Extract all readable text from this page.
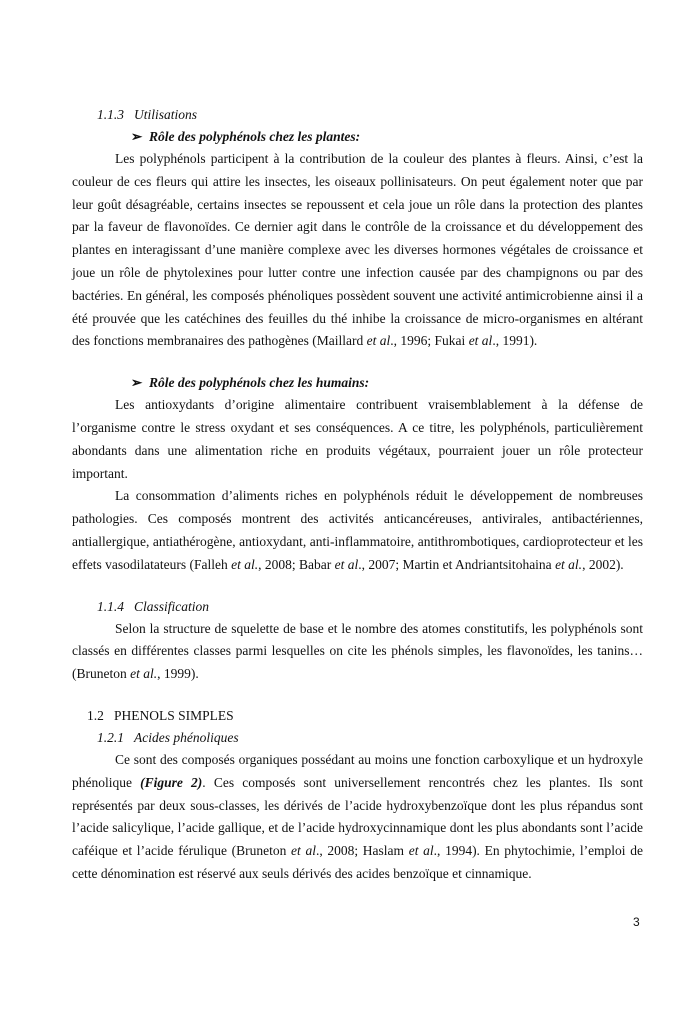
1.1.3 Utilisations
➢ Rôle des polyphénols chez les plantes:

Les polyphénols participent à la contribution de la couleur des plantes à fleurs. Ainsi, c’est la couleur de ces fleurs qui attire les insectes, les oiseaux pollinisateurs. On peut également noter que par leur goût désagréable, certains insectes se repoussent et cela joue un rôle dans la protection des plantes par la faveur de flavonoïdes. Ce dernier agit dans le contrôle de la croissance et du développement des plantes en interagissant d’une manière complexe avec les diverses hormones végétales de croissance et joue un rôle de phytolexines pour lutter contre une infection causée par des champignons ou par des bactéries. En général, les composés phénoliques possèdent souvent une activité antimicrobienne ainsi il a été prouvée que les catéchines des feuilles du thé inhibe la croissance de micro-organismes en altérant des fonctions membranaires des pathogènes (Maillard et al., 1996; Fukai et al., 1991).

➢ Rôle des polyphénols chez les humains:

Les antioxydants d’origine alimentaire contribuent vraisemblablement à la défense de l’organisme contre le stress oxydant et ses conséquences. A ce titre, les polyphénols, particulièrement abondants dans une alimentation riche en produits végétaux, pourraient jouer un rôle protecteur important.

La consommation d’aliments riches en polyphénols réduit le développement de nombreuses pathologies. Ces composés montrent des activités anticancéreuses, antivirales, antibactériennes, antiallergique, antiathérogène, antioxydant, anti-inflammatoire, antithrombotiques, cardioprotecteur et les effets vasodilatateurs (Falleh et al., 2008; Babar et al., 2007; Martin et Andriantsitohaina et al., 2002).

1.1.4 Classification

Selon la structure de squelette de base et le nombre des atomes constitutifs, les polyphénols sont classés en différentes classes parmi lesquelles on cite les phénols simples, les flavonoïdes, les tanins… (Bruneton et al., 1999).

1.2 PHENOLS SIMPLES
1.2.1 Acides phénoliques

Ce sont des composés organiques possédant au moins une fonction carboxylique et un hydroxyle phénolique (Figure 2). Ces composés sont universellement rencontrés chez les plantes. Ils sont représentés par deux sous-classes, les dérivés de l’acide hydroxybenzoïque dont les plus répandus sont l’acide salicylique, l’acide gallique, et de l’acide hydroxycinnamique dont les plus abondants sont l’acide caféique et l’acide férulique (Bruneton et al., 2008; Haslam et al., 1994). En phytochimie, l’emploi de cette dénomination est réservé aux seuls dérivés des acides benzoïque et cinnamique.

3
